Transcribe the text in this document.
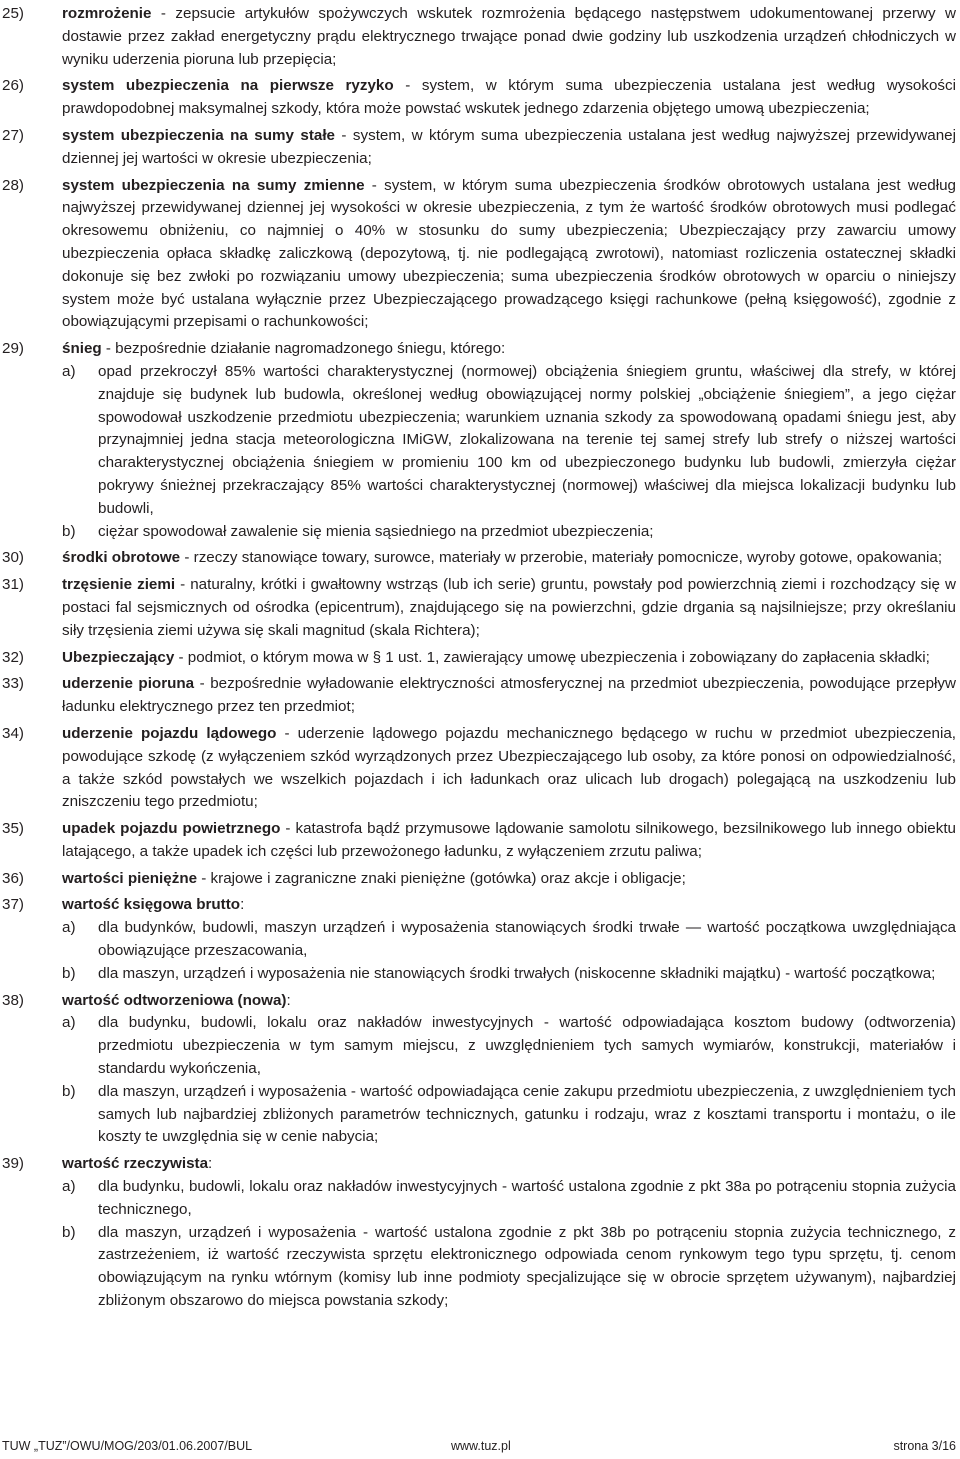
25)	rozmrożenie - zepsucie artykułów spożywczych wskutek rozmrożenia będącego następstwem udokumentowanej przerwy w dostawie przez zakład energetyczny prądu elektrycznego trwające ponad dwie godziny lub uszkodzenia urządzeń chłodniczych w wyniku uderzenia pioruna lub przepięcia;
26)	system ubezpieczenia na pierwsze ryzyko - system, w którym suma ubezpieczenia ustalana jest według wysokości prawdopodobnej maksymalnej szkody, która może powstać wskutek jednego zdarzenia objętego umową ubezpieczenia;
27)	system ubezpieczenia na sumy stałe - system, w którym suma ubezpieczenia ustalana jest według najwyższej przewidywanej dziennej jej wartości w okresie ubezpieczenia;
28)	system ubezpieczenia na sumy zmienne - system, w którym suma ubezpieczenia środków obrotowych ustalana jest według najwyższej przewidywanej dziennej jej wysokości w okresie ubezpieczenia, z tym że wartość środków obrotowych musi podlegać okresowemu obniżeniu, co najmniej o 40% w stosunku do sumy ubezpieczenia; Ubezpieczający przy zawarciu umowy ubezpieczenia opłaca składkę zaliczkową (depozytową, tj. nie podlegającą zwrotowi), natomiast rozliczenia ostatecznej składki dokonuje się bez zwłoki po rozwiązaniu umowy ubezpieczenia; suma ubezpieczenia środków obrotowych w oparciu o niniejszy system może być ustalana wyłącznie przez Ubezpieczającego prowadzącego księgi rachunkowe (pełną księgowość), zgodnie z obowiązującymi przepisami o rachunkowości;
29)	śnieg - bezpośrednie działanie nagromadzonego śniegu, którego:
a)	opad przekroczył 85% wartości charakterystycznej (normowej) obciążenia śniegiem gruntu, właściwej dla strefy, w której znajduje się budynek lub budowla, określonej według obowiązującej normy polskiej „obciążenie śniegiem”, a jego ciężar spowodował uszkodzenie przedmiotu ubezpieczenia; warunkiem uznania szkody za spowodowaną opadami śniegu jest, aby przynajmniej jedna stacja meteorologiczna IMiGW, zlokalizowana na terenie tej samej strefy lub strefy o niższej wartości charakterystycznej obciążenia śniegiem w promieniu 100 km od ubezpieczonego budynku lub budowli, zmierzyła ciężar pokrywy śnieżnej przekraczający 85% wartości charakterystycznej (normowej) właściwej dla miejsca lokalizacji budynku lub budowli,
b)	ciężar spowodował zawalenie się mienia sąsiedniego na przedmiot ubezpieczenia;
30)	środki obrotowe - rzeczy stanowiące towary, surowce, materiały w przerobie, materiały pomocnicze, wyroby gotowe, opakowania;
31)	trzęsienie ziemi - naturalny, krótki i gwałtowny wstrząs (lub ich serie) gruntu, powstały pod powierzchnią ziemi i rozchodzący się w postaci fal sejsmicznych od ośrodka (epicentrum), znajdującego się na powierzchni, gdzie drgania są najsilniejsze; przy określaniu siły trzęsienia ziemi używa się skali magnitud (skala Richtera);
32)	Ubezpieczający - podmiot, o którym mowa w § 1 ust. 1, zawierający umowę ubezpieczenia i zobowiązany do zapłacenia składki;
33)	uderzenie pioruna - bezpośrednie wyładowanie elektryczności atmosferycznej na przedmiot ubezpieczenia, powodujące przepływ ładunku elektrycznego przez ten przedmiot;
34)	uderzenie pojazdu lądowego - uderzenie lądowego pojazdu mechanicznego będącego w ruchu w przedmiot ubezpieczenia, powodujące szkodę (z wyłączeniem szkód wyrządzonych przez Ubezpieczającego lub osoby, za które ponosi on odpowiedzialność, a także szkód powstałych we wszelkich pojazdach i ich ładunkach oraz ulicach lub drogach) polegającą na uszkodzeniu lub zniszczeniu tego przedmiotu;
35)	upadek pojazdu powietrznego - katastrofa bądź przymusowe lądowanie samolotu silnikowego, bezsilnikowego lub innego obiektu latającego, a także upadek ich części lub przewożonego ładunku, z wyłączeniem zrzutu paliwa;
36)	wartości pieniężne - krajowe i zagraniczne znaki pieniężne (gotówka) oraz akcje i obligacje;
37)	wartość księgowa brutto:
a)	dla budynków, budowli, maszyn urządzeń i wyposażenia stanowiących środki trwałe — wartość początkowa uwzględniająca obowiązujące przeszacowania,
b)	dla maszyn, urządzeń i wyposażenia nie stanowiących środki trwałych (niskocenne składniki majątku) - wartość początkowa;
38)	wartość odtworzeniowa (nowa):
a)	dla budynku, budowli, lokalu oraz nakładów inwestycyjnych - wartość odpowiadająca kosztom budowy (odtworzenia) przedmiotu ubezpieczenia w tym samym miejscu, z uwzględnieniem tych samych wymiarów, konstrukcji, materiałów i standardu wykończenia,
b)	dla maszyn, urządzeń i wyposażenia - wartość odpowiadająca cenie zakupu przedmiotu ubezpieczenia, z uwzględnieniem tych samych lub najbardziej zbliżonych parametrów technicznych, gatunku i rodzaju, wraz z kosztami transportu i montażu, o ile koszty te uwzględnia się w cenie nabycia;
39)	wartość rzeczywista:
a)	dla budynku, budowli, lokalu oraz nakładów inwestycyjnych - wartość ustalona zgodnie z pkt 38a po potrąceniu stopnia zużycia technicznego,
b)	dla maszyn, urządzeń i wyposażenia - wartość ustalona zgodnie z pkt 38b po potrąceniu stopnia zużycia technicznego, z zastrzeżeniem, iż wartość rzeczywista sprzętu elektronicznego odpowiada cenom rynkowym tego typu sprzętu, tj. cenom obowiązującym na rynku wtórnym (komisy lub inne podmioty specjalizujące się w obrocie sprzętem używanym), najbardziej zbliżonym obszarowo do miejsca powstania szkody;
TUW „TUZ”/OWU/MOG/203/01.06.2007/BUL	www.tuz.pl	strona 3/16
